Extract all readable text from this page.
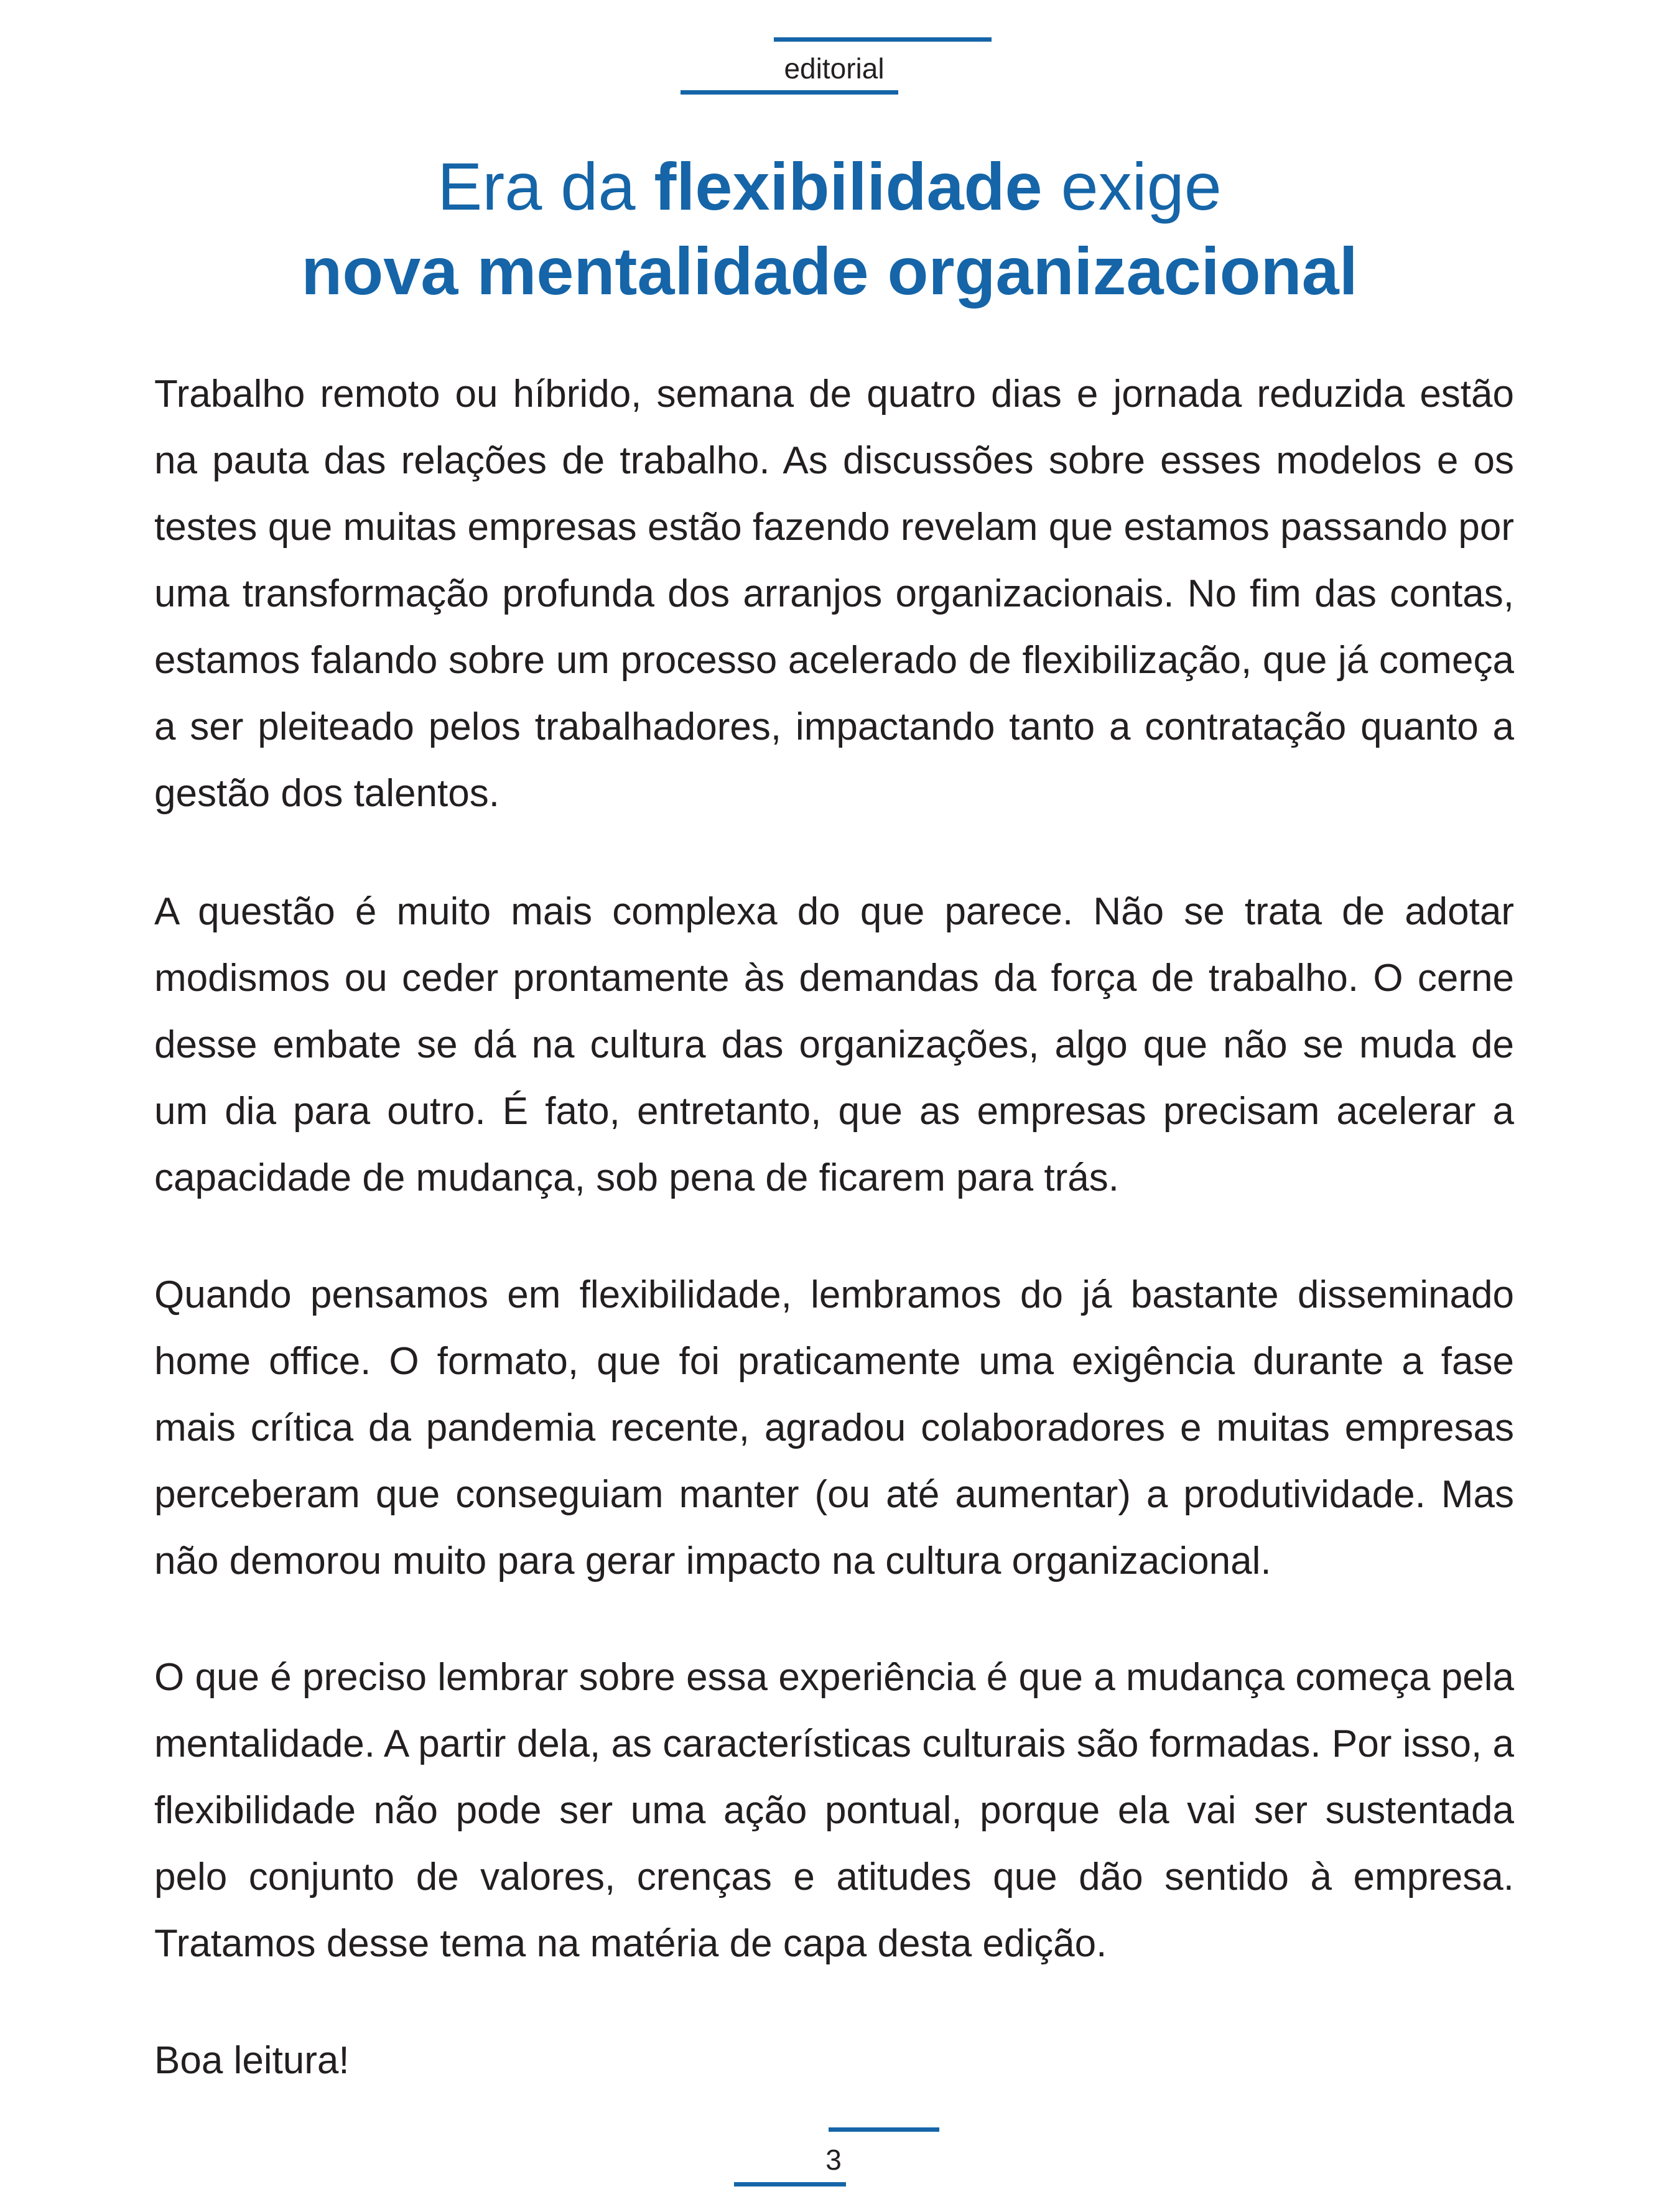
editorial
Era da flexibilidade exige
nova mentalidade organizacional

Trabalho remoto ou híbrido, semana de quatro dias e jornada reduzida estão na pauta das relações de trabalho. As discussões sobre esses modelos e os testes que muitas empresas estão fazendo revelam que estamos passando por uma transformação profunda dos arranjos organizacionais. No fim das contas, estamos falando sobre um processo acelerado de flexibilização, que já começa a ser pleiteado pelos trabalhadores, impactando tanto a contratação quanto a gestão dos talentos.

A questão é muito mais complexa do que parece. Não se trata de adotar modismos ou ceder prontamente às demandas da força de trabalho. O cerne desse embate se dá na cultura das organizações, algo que não se muda de um dia para outro. É fato, entretanto, que as empresas precisam acelerar a capacidade de mudança, sob pena de ficarem para trás.

Quando pensamos em flexibilidade, lembramos do já bastante disseminado home office. O formato, que foi praticamente uma exigência durante a fase mais crítica da pandemia recente, agradou colaboradores e muitas empresas perceberam que conseguiam manter (ou até aumentar) a produtividade. Mas não demorou muito para gerar impacto na cultura organizacional.

O que é preciso lembrar sobre essa experiência é que a mudança começa pela mentalidade. A partir dela, as características culturais são formadas. Por isso, a flexibilidade não pode ser uma ação pontual, porque ela vai ser sustentada pelo conjunto de valores, crenças e atitudes que dão sentido à empresa. Tratamos desse tema na matéria de capa desta edição.

Boa leitura!

3
